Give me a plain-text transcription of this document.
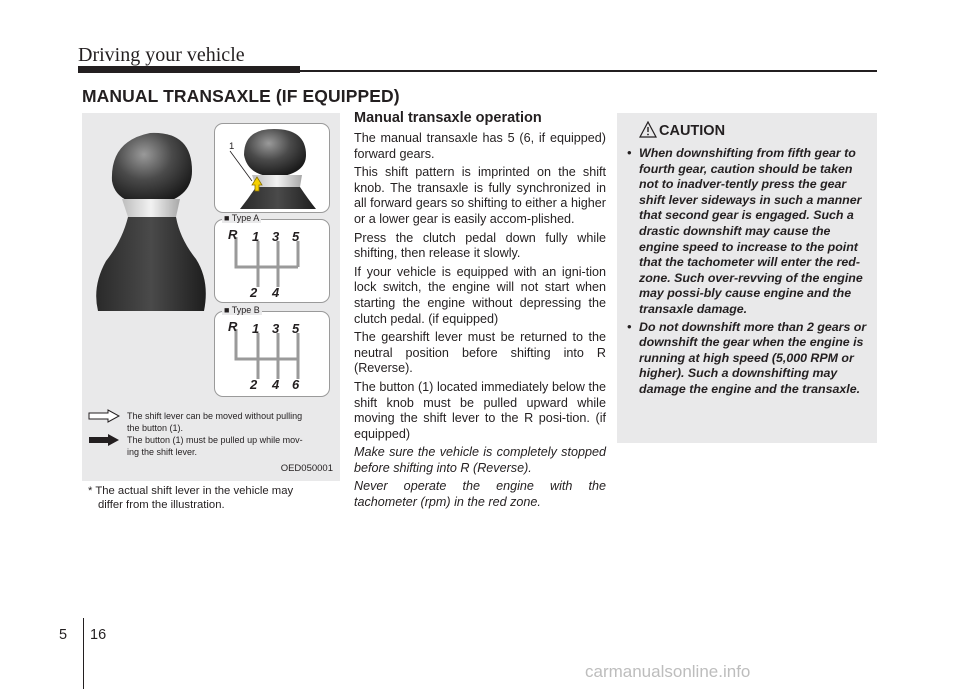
Driving your vehicle
MANUAL TRANSAXLE (IF EQUIPPED)
1
■ Type A
R 1 3 5
2 4
■ Type B
R 1 3 5
2 4 6
The shift lever can be moved without pulling
the button (1).
The button (1) must be pulled up while mov-
ing the shift lever.
OED050001
* The actual shift lever in the vehicle may
differ from the illustration.
Manual transaxle operation

The manual transaxle has 5 (6, if equipped) forward gears.

This shift pattern is imprinted on the shift knob. The transaxle is fully synchronized in all forward gears so shifting to either a higher or a lower gear is easily accom-plished.

Press the clutch pedal down fully while shifting, then release it slowly.

If your vehicle is equipped with an igni-tion lock switch, the engine will not start when starting the engine without depressing the clutch pedal. (if equipped)

The gearshift lever must be returned to the neutral position before shifting into R (Reverse).

The button (1) located immediately below the shift knob must be pulled upward while moving the shift lever to the R posi-tion. (if equipped)

Make sure the vehicle is completely stopped before shifting into R (Reverse).

Never operate the engine with the tachometer (rpm) in the red zone.

CAUTION
• When downshifting from fifth gear to fourth gear, caution should be taken not to inadver-tently press the gear shift lever sideways in such a manner that second gear is engaged. Such a drastic downshift may cause the engine speed to increase to the point that the tachometer will enter the red-zone. Such over-revving of the engine may possi-bly cause engine and the transaxle damage.
• Do not downshift more than 2 gears or downshift the gear when the engine is running at high speed (5,000 RPM or higher). Such a downshifting may damage the engine and the transaxle.
5 16
carmanualsonline.info
